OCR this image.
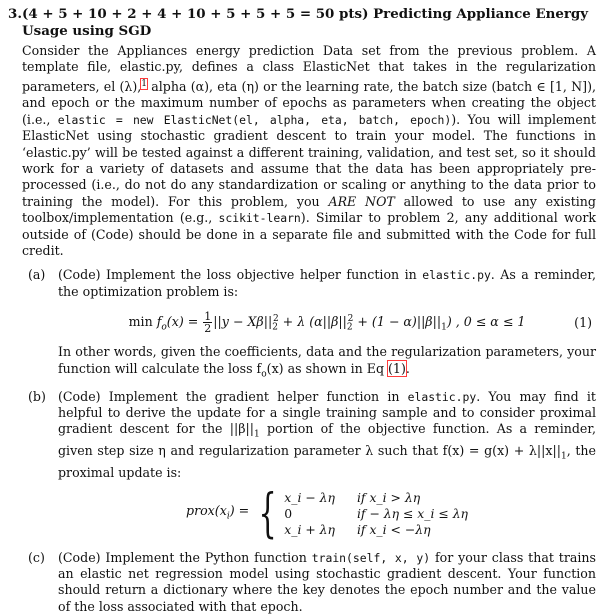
3. (4 + 5 + 10 + 2 + 4 + 10 + 5 + 5 + 5 = 50 pts) Predicting Appliance Energy Usage using SGD

Consider the Appliances energy prediction Data set from the previous problem. A template file, elastic.py, defines a class ElasticNet that takes in the regularization parameters, el (λ),$^1$ alpha (α), eta (η) or the learning rate, the batch size (batch ∈ [1, N]), and epoch or the maximum number of epochs as parameters when creating the object (i.e., elastic = new ElasticNet(el, alpha, eta, batch, epoch)). You will implement ElasticNet using stochastic gradient descent to train your model. The functions in ‘elastic.py’ will be tested against a different training, validation, and test set, so it should work for a variety of datasets and assume that the data has been appropriately pre-processed (i.e., do not do any standardization or scaling or anything to the data prior to training the model). For this problem, you ARE NOT allowed to use any existing toolbox/implementation (e.g., scikit-learn). Similar to problem 2, any additional work outside of (Code) should be done in a separate file and submitted with the Code for full credit.

(a)	(Code) Implement the loss objective helper function in elastic.py. As a reminder, the optimization problem is:
$\min f_o(x) = \frac{1}{2} ||y - X\beta||_2^2 + \lambda$ $(\alpha||\beta||_2^2 + (1 - \alpha)||\beta||_1)$ , 0 ≤ α ≤ 1	(1)
In other words, given the coefficients, data and the regularization parameters, your function will calculate the loss $f_o(x)$ as shown in Eq (1).
(b) (Code) Implement the gradient helper function in elastic.py. You may find it helpful to derive the update for a single training sample and to consider proximal gradient descent for the $||\beta||_1$ portion of the objective function. As a reminder, given step size η and regularization parameter λ such that $f(x) = g(x) + \lambda||x||_1$, the proximal update is:
$prox(x_i)$ = { x_i − λη if x_i > λη
0	if − λη ≤ x_i ≤ λη
x_i + λη if x_i < −λη
(c)	(Code) Implement the Python function train(self, x, y) for your class that trains an elastic net regression model using stochastic gradient descent. Your function should return a dictionary where the key denotes the epoch number and the value of the loss associated with that epoch.
